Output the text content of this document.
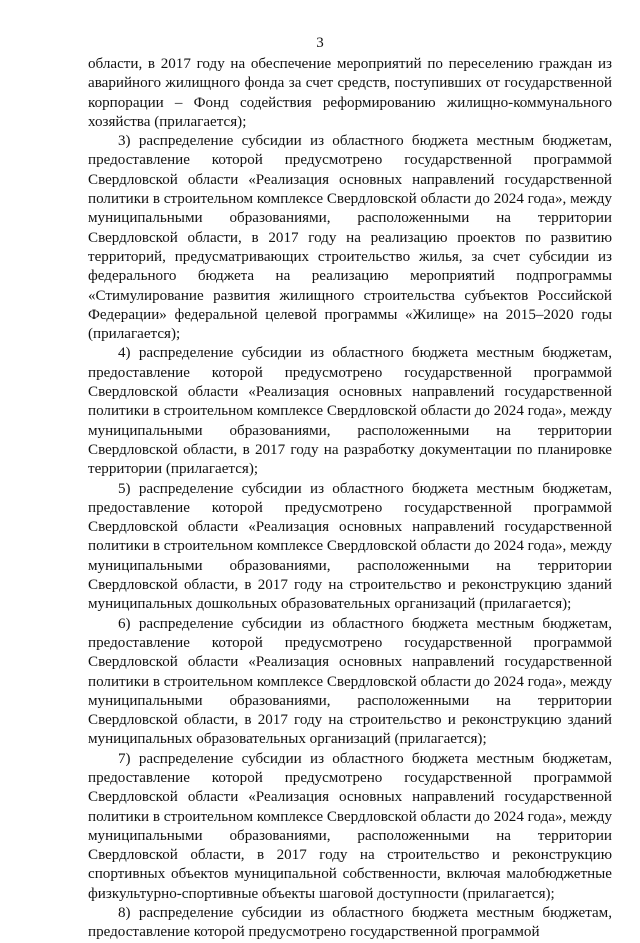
3

области, в 2017 году на обеспечение мероприятий по переселению граждан из аварийного жилищного фонда за счет средств, поступивших от государственной корпорации – Фонд содействия реформированию жилищно-коммунального хозяйства (прилагается);

3) распределение субсидии из областного бюджета местным бюджетам, предоставление которой предусмотрено государственной программой Свердловской области «Реализация основных направлений государственной политики в строительном комплексе Свердловской области до 2024 года», между муниципальными образованиями, расположенными на территории Свердловской области, в 2017 году на реализацию проектов по развитию территорий, предусматривающих строительство жилья, за счет субсидии из федерального бюджета на реализацию мероприятий подпрограммы «Стимулирование развития жилищного строительства субъектов Российской Федерации» федеральной целевой программы «Жилище» на 2015–2020 годы (прилагается);

4) распределение субсидии из областного бюджета местным бюджетам, предоставление которой предусмотрено государственной программой Свердловской области «Реализация основных направлений государственной политики в строительном комплексе Свердловской области до 2024 года», между муниципальными образованиями, расположенными на территории Свердловской области, в 2017 году на разработку документации по планировке территории (прилагается);

5) распределение субсидии из областного бюджета местным бюджетам, предоставление которой предусмотрено государственной программой Свердловской области «Реализация основных направлений государственной политики в строительном комплексе Свердловской области до 2024 года», между муниципальными образованиями, расположенными на территории Свердловской области, в 2017 году на строительство и реконструкцию зданий муниципальных дошкольных образовательных организаций (прилагается);

6) распределение субсидии из областного бюджета местным бюджетам, предоставление которой предусмотрено государственной программой Свердловской области «Реализация основных направлений государственной политики в строительном комплексе Свердловской области до 2024 года», между муниципальными образованиями, расположенными на территории Свердловской области, в 2017 году на строительство и реконструкцию зданий муниципальных образовательных организаций (прилагается);

7) распределение субсидии из областного бюджета местным бюджетам, предоставление которой предусмотрено государственной программой Свердловской области «Реализация основных направлений государственной политики в строительном комплексе Свердловской области до 2024 года», между муниципальными образованиями, расположенными на территории Свердловской области, в 2017 году на строительство и реконструкцию спортивных объектов муниципальной собственности, включая малобюджетные физкультурно-спортивные объекты шаговой доступности (прилагается);

8) распределение субсидии из областного бюджета местным бюджетам, предоставление которой предусмотрено государственной программой
